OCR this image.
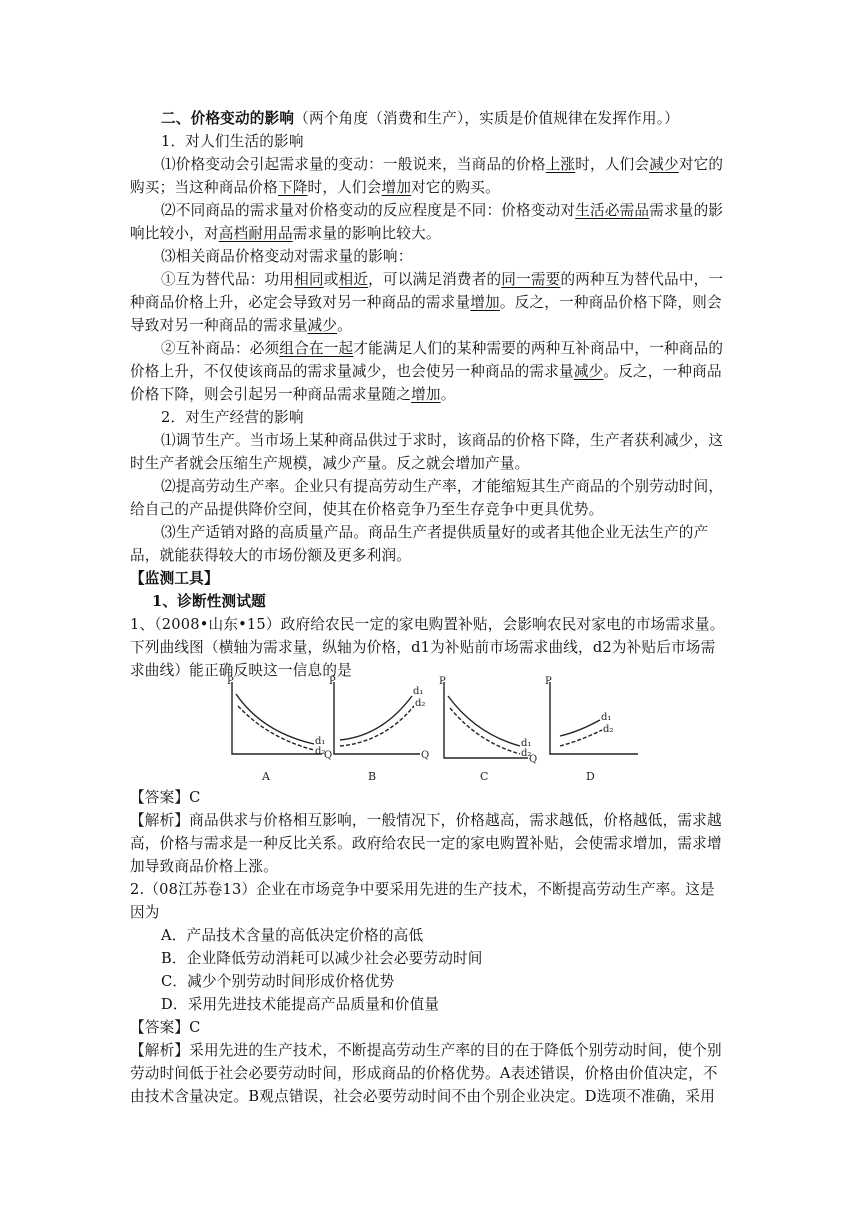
二、价格变动的影响（两个角度（消费和生产），实质是价值规律在发挥作用。）
1．对人们生活的影响
⑴价格变动会引起需求量的变动：一般说来，当商品的价格上涨时，人们会减少对它的
购买；当这种商品价格下降时，人们会增加对它的购买。
⑵不同商品的需求量对价格变动的反应程度是不同：价格变动对生活必需品需求量的影
响比较小，对高档耐用品需求量的影响比较大。
⑶相关商品价格变动对需求量的影响：
①互为替代品：功用相同或相近，可以满足消费者的同一需要的两种互为替代品中，一
种商品价格上升，必定会导致对另一种商品的需求量增加。反之，一种商品价格下降，则会
导致对另一种商品的需求量减少。
②互补商品：必须组合在一起才能满足人们的某种需要的两种互补商品中，一种商品的
价格上升，不仅使该商品的需求量减少，也会使另一种商品的需求量减少。反之，一种商品
价格下降，则会引起另一种商品需求量随之增加。
2．对生产经营的影响
⑴调节生产。当市场上某种商品供过于求时，该商品的价格下降，生产者获利减少，这
时生产者就会压缩生产规模，减少产量。反之就会增加产量。
⑵提高劳动生产率。企业只有提高劳动生产率，才能缩短其生产商品的个别劳动时间，
给自己的产品提供降价空间，使其在价格竞争乃至生存竞争中更具优势。
⑶生产适销对路的高质量产品。商品生产者提供质量好的或者其他企业无法生产的产
品，就能获得较大的市场份额及更多利润。
【监测工具】
1、诊断性测试题
1、（2008•山东•15）政府给农民一定的家电购置补贴，会影响农民对家电的市场需求量。
下列曲线图（横轴为需求量，纵轴为价格，d1为补贴前市场需求曲线，d2为补贴后市场需
求曲线）能正确反映这一信息的是
P
Q
d₁
d₂
P
Q
d₁
d₂
P
Q
d₁
d₂
P
d₁
d₂
A	B	C	D
【答案】C
【解析】商品供求与价格相互影响，一般情况下，价格越高，需求越低，价格越低，需求越
高，价格与需求是一种反比关系。政府给农民一定的家电购置补贴，会使需求增加，需求增
加导致商品价格上涨。
2.（08江苏卷13）企业在市场竞争中要采用先进的生产技术，不断提高劳动生产率。这是
因为
A．产品技术含量的高低决定价格的高低
B．企业降低劳动消耗可以减少社会必要劳动时间
C．减少个别劳动时间形成价格优势
D．采用先进技术能提高产品质量和价值量
【答案】C
【解析】采用先进的生产技术，不断提高劳动生产率的目的在于降低个别劳动时间，使个别
劳动时间低于社会必要劳动时间，形成商品的价格优势。A表述错误，价格由价值决定，不
由技术含量决定。B观点错误，社会必要劳动时间不由个别企业决定。D选项不准确，采用
